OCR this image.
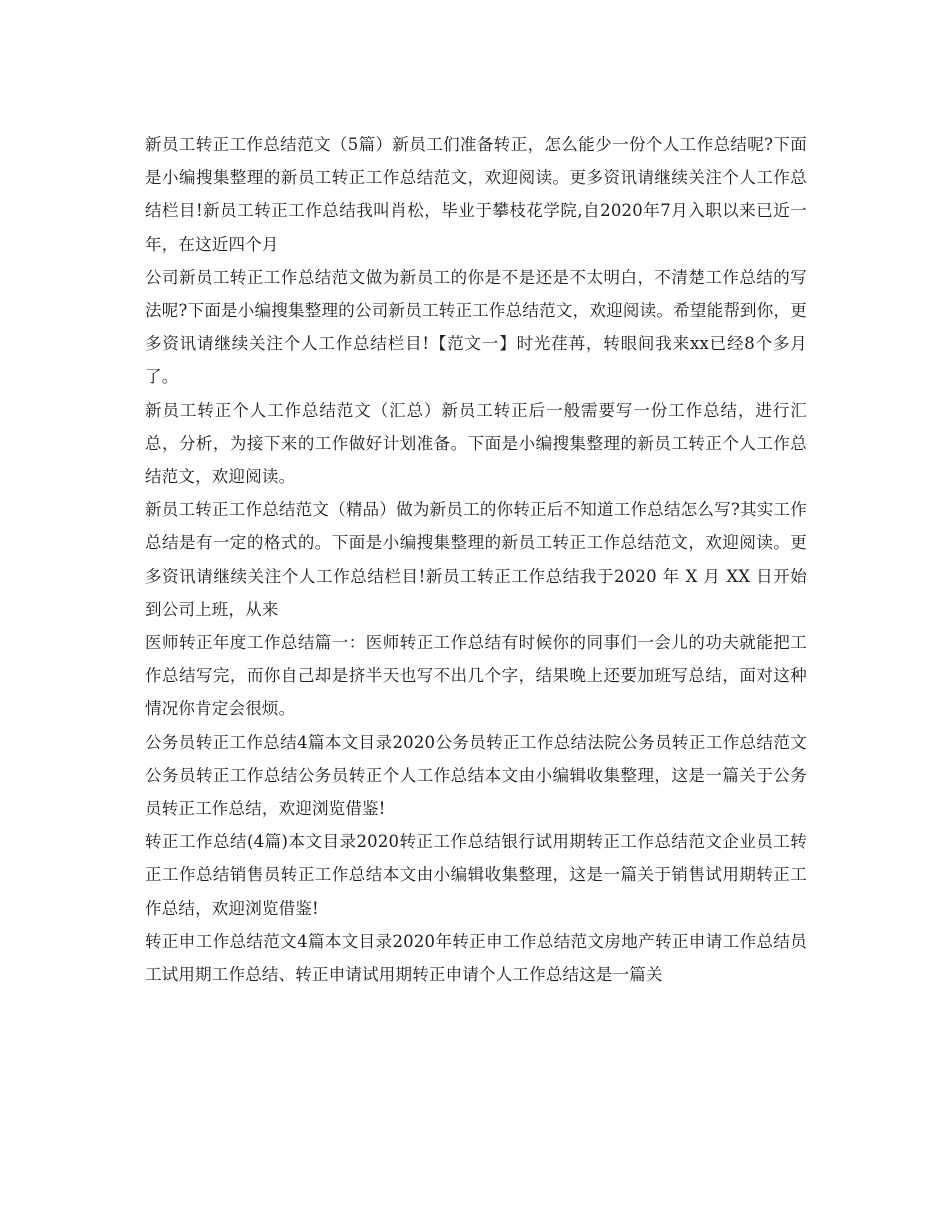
新员工转正工作总结范文（5篇）新员工们准备转正，怎么能少一份个人工作总结呢?下面是小编搜集整理的新员工转正工作总结范文，欢迎阅读。更多资讯请继续关注个人工作总结栏目!新员工转正工作总结我叫肖松，毕业于攀枝花学院,自2020年7月入职以来已近一年，在这近四个月

公司新员工转正工作总结范文做为新员工的你是不是还是不太明白，不清楚工作总结的写法呢?下面是小编搜集整理的公司新员工转正工作总结范文，欢迎阅读。希望能帮到你，更多资讯请继续关注个人工作总结栏目!【范文一】时光荏苒，转眼间我来xx已经8个多月了。

新员工转正个人工作总结范文（汇总）新员工转正后一般需要写一份工作总结，进行汇总，分析，为接下来的工作做好计划准备。下面是小编搜集整理的新员工转正个人工作总结范文，欢迎阅读。

新员工转正工作总结范文（精品）做为新员工的你转正后不知道工作总结怎么写?其实工作总结是有一定的格式的。下面是小编搜集整理的新员工转正工作总结范文，欢迎阅读。更多资讯请继续关注个人工作总结栏目!新员工转正工作总结我于2020 年 X 月 XX 日开始到公司上班，从来

医师转正年度工作总结篇一：医师转正工作总结有时候你的同事们一会儿的功夫就能把工作总结写完，而你自己却是挤半天也写不出几个字，结果晚上还要加班写总结，面对这种情况你肯定会很烦。

公务员转正工作总结4篇本文目录2020公务员转正工作总结法院公务员转正工作总结范文公务员转正工作总结公务员转正个人工作总结本文由小编辑收集整理，这是一篇关于公务员转正工作总结，欢迎浏览借鉴!

转正工作总结(4篇)本文目录2020转正工作总结银行试用期转正工作总结范文企业员工转正工作总结销售员转正工作总结本文由小编辑收集整理，这是一篇关于销售试用期转正工作总结，欢迎浏览借鉴!

转正申工作总结范文4篇本文目录2020年转正申工作总结范文房地产转正申请工作总结员工试用期工作总结、转正申请试用期转正申请个人工作总结这是一篇关
